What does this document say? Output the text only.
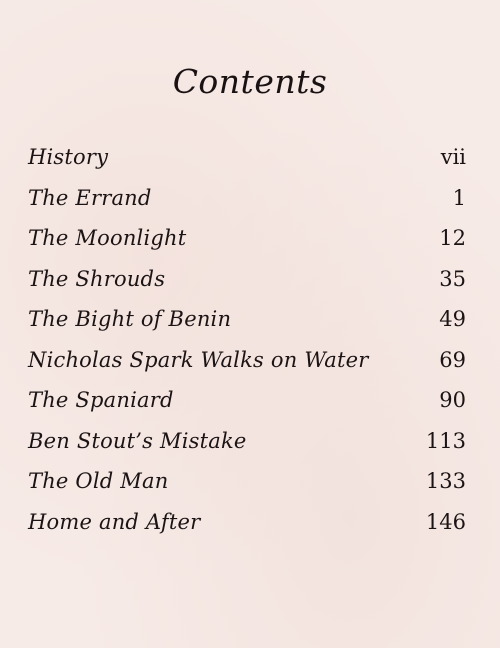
Contents
History	vii
The Errand	1
The Moonlight	12
The Shrouds	35
The Bight of Benin	49
Nicholas Spark Walks on Water	69
The Spaniard	90
Ben Stout’s Mistake	113
The Old Man	133
Home and After	146
